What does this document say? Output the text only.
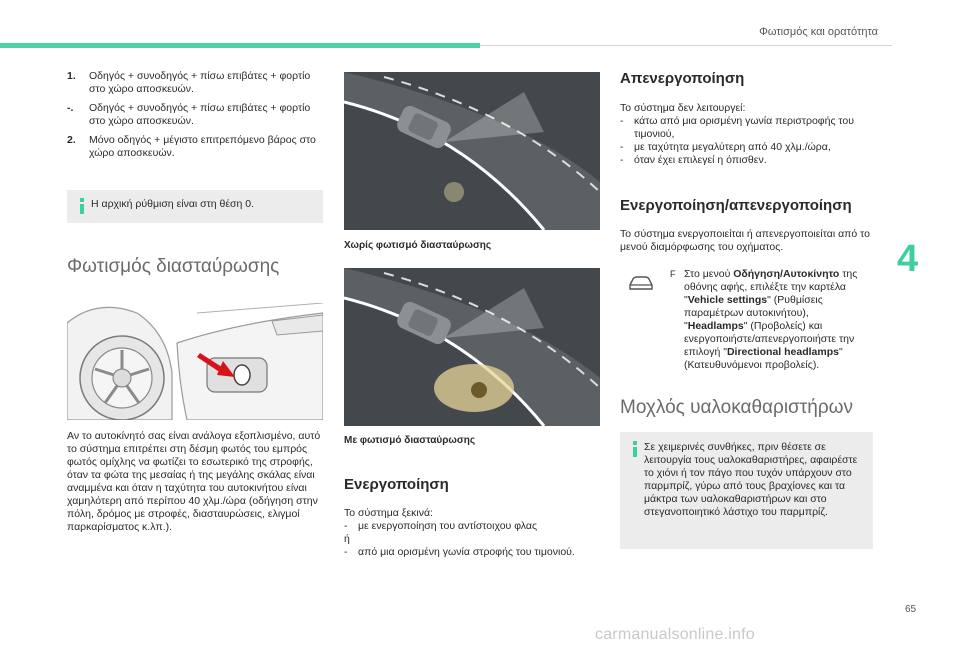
Φωτισμός και ορατότητα
4
65
carmanualsonline.info
1.	Οδηγός + συνοδηγός + πίσω επιβάτες + φορτίο στο χώρο αποσκευών.
-.	Οδηγός + συνοδηγός + πίσω επιβάτες + φορτίο στο χώρο αποσκευών.
2.	Μόνο οδηγός + μέγιστο επιτρεπόμενο βάρος στο χώρο αποσκευών.
Η αρχική ρύθμιση είναι στη θέση 0.
Φωτισμός διασταύρωσης

Αν το αυτοκίνητό σας είναι ανάλογα εξοπλισμένο, αυτό το σύστημα επιτρέπει στη δέσμη φωτός του εμπρός φωτός ομίχλης να φωτίζει το εσωτερικό της στροφής, όταν τα φώτα της μεσαίας ή της μεγάλης σκάλας είναι αναμμένα και όταν η ταχύτητα του αυτοκινήτου είναι χαμηλότερη από περίπου 40 χλμ./ώρα (οδήγηση στην πόλη, δρόμος με στροφές, διασταυρώσεις, ελιγμοί παρκαρίσματος κ.λπ.).

Χωρίς φωτισμό διασταύρωσης
Με φωτισμό διασταύρωσης
Ενεργοποίηση

Το σύστημα ξεκινά:

-	με ενεργοποίηση του αντίστοιχου φλας
ή
-	από μια ορισμένη γωνία στροφής του τιμονιού.
Απενεργοποίηση

Το σύστημα δεν λειτουργεί:

-	κάτω από μια ορισμένη γωνία περιστροφής του τιμονιού,
-	με ταχύτητα μεγαλύτερη από 40 χλμ./ώρα,
-	όταν έχει επιλεγεί η όπισθεν.
Ενεργοποίηση/απενεργοποίηση

Το σύστημα ενεργοποιείται ή απενεργοποιείται από το μενού διαμόρφωσης του οχήματος.

F Στο μενού Οδήγηση/Αυτοκίνητο της οθόνης αφής, επιλέξτε την καρτέλα "Vehicle settings" (Ρυθμίσεις παραμέτρων αυτοκινήτου), "Headlamps" (Προβολείς) και ενεργοποιήστε/απενεργοποιήστε την επιλογή "Directional headlamps" (Κατευθυνόμενοι προβολείς).

Μοχλός υαλοκαθαριστήρων
Σε χειμερινές συνθήκες, πριν θέσετε σε λειτουργία τους υαλοκαθαριστήρες, αφαιρέστε το χιόνι ή τον πάγο που τυχόν υπάρχουν στο παρμπρίζ, γύρω από τους βραχίονες και τα μάκτρα των υαλοκαθαριστήρων και στο στεγανοποιητικό λάστιχο του παρμπρίζ.
